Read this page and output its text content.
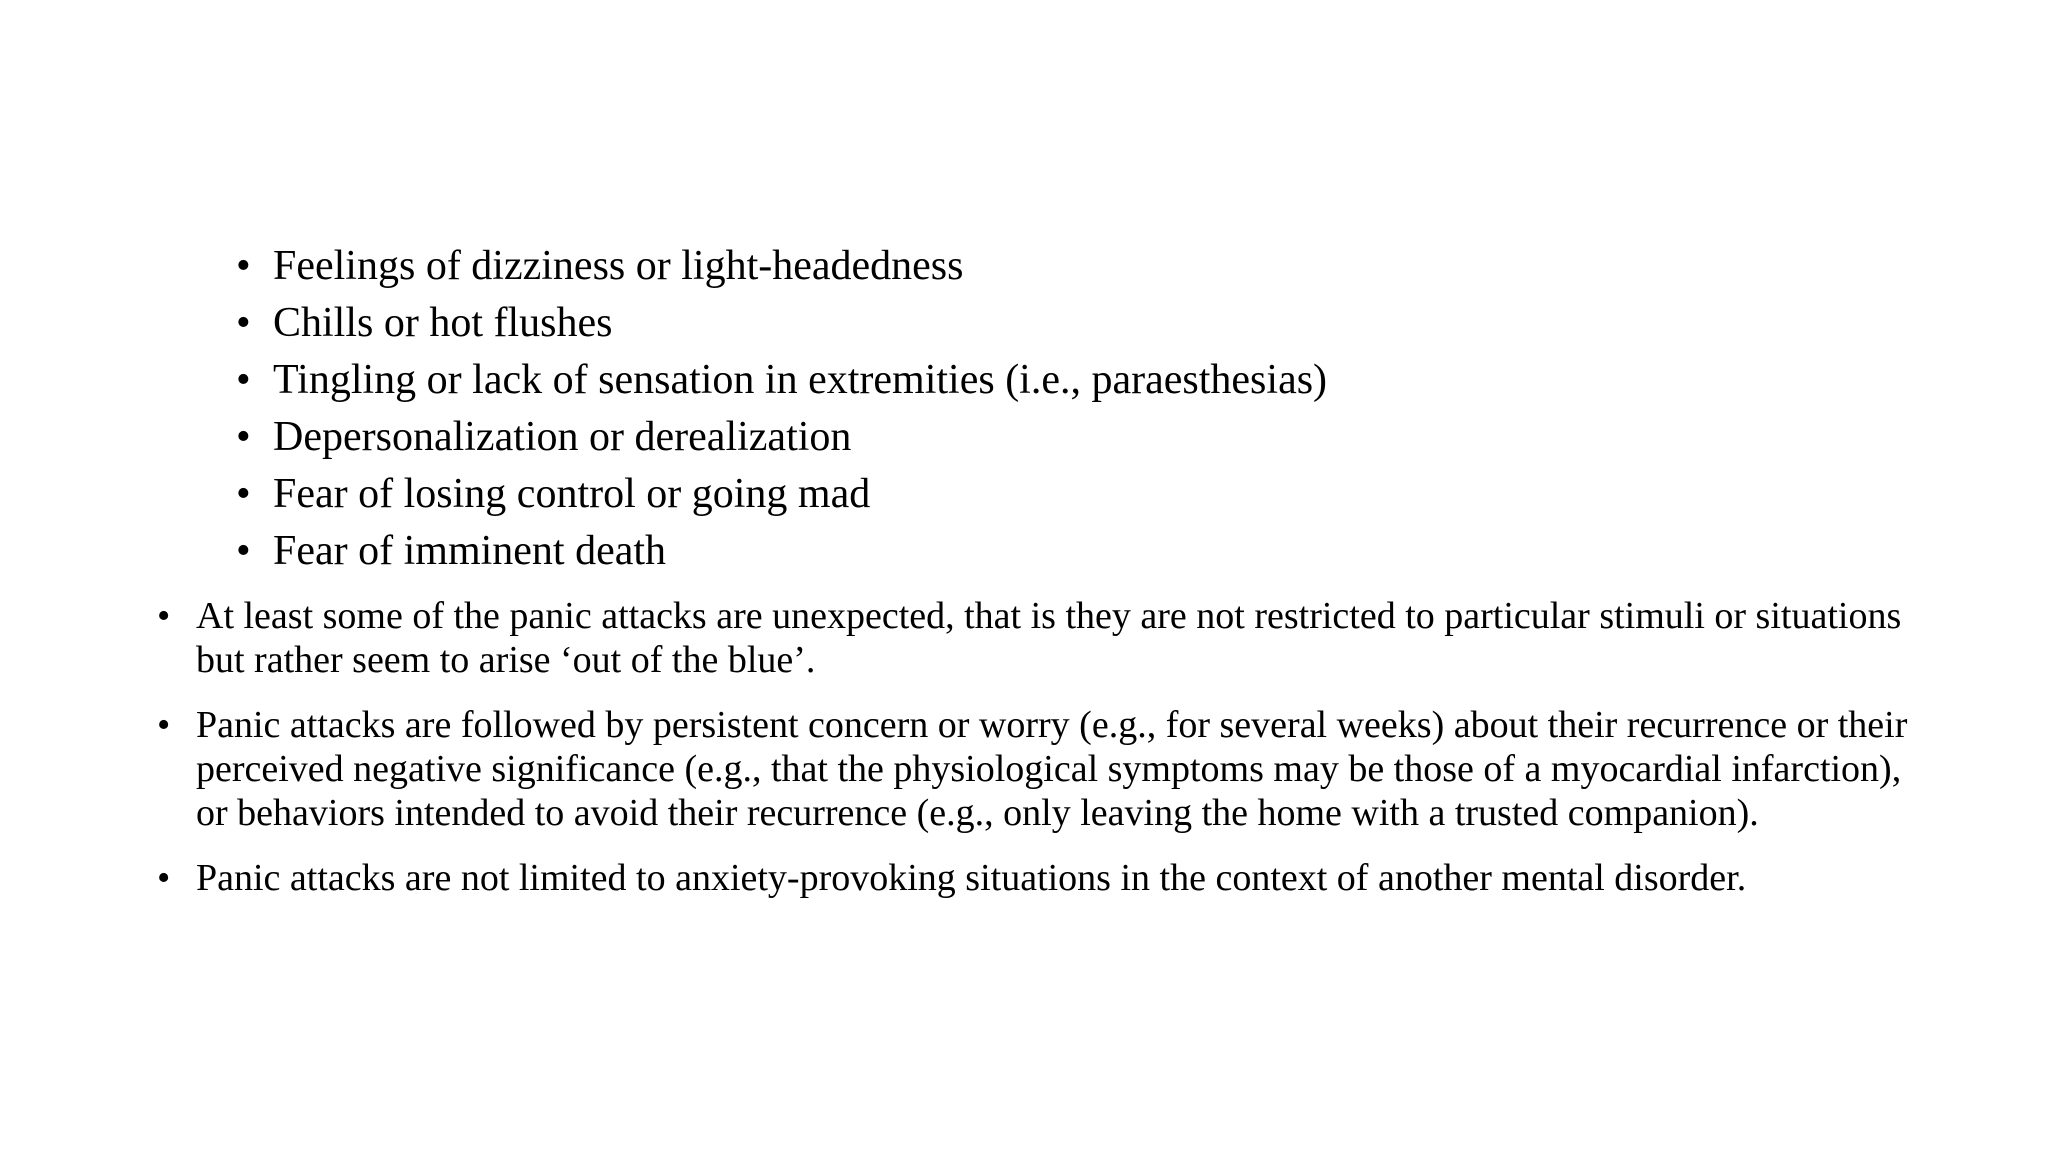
• Feelings of dizziness or light-headedness
• Chills or hot flushes
• Tingling or lack of sensation in extremities (i.e., paraesthesias)
• Depersonalization or derealization
• Fear of losing control or going mad
• Fear of imminent death
• At least some of the panic attacks are unexpected, that is they are not restricted to particular stimuli or situations but rather seem to arise ‘out of the blue’.
• Panic attacks are followed by persistent concern or worry (e.g., for several weeks) about their recurrence or their perceived negative significance (e.g., that the physiological symptoms may be those of a myocardial infarction), or behaviors intended to avoid their recurrence (e.g., only leaving the home with a trusted companion).
• Panic attacks are not limited to anxiety-provoking situations in the context of another mental disorder.
